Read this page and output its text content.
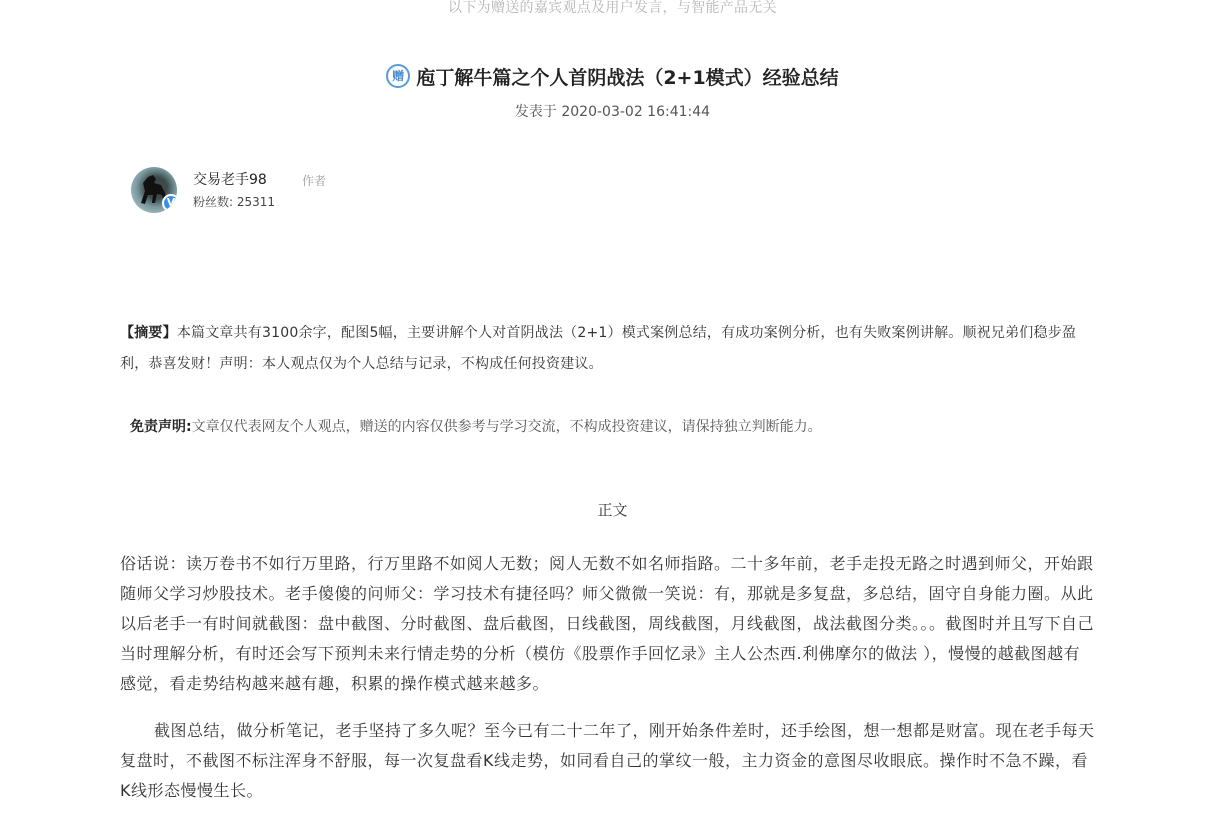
以下为赠送的嘉宾观点及用户发言，与智能产品无关
赠 庖丁解牛篇之个人首阴战法（2+1模式）经验总结
发表于 2020-03-02 16:41:44
V
交易老手98	作者
粉丝数: 25311
【摘要】本篇文章共有3100余字，配图5幅，主要讲解个人对首阴战法（2+1）模式案例总结，有成功案例分析，也有失败案例讲解。顺祝兄弟们稳步盈利，恭喜发财！声明：本人观点仅为个人总结与记录，不构成任何投资建议。
免责声明:文章仅代表网友个人观点，赠送的内容仅供参考与学习交流，不构成投资建议，请保持独立判断能力。
正文

俗话说：读万卷书不如行万里路，行万里路不如阅人无数；阅人无数不如名师指路。二十多年前，老手走投无路之时遇到师父，开始跟随师父学习炒股技术。老手傻傻的问师父：学习技术有捷径吗？师父微微一笑说：有，那就是多复盘，多总结，固守自身能力圈。从此以后老手一有时间就截图：盘中截图、分时截图、盘后截图，日线截图，周线截图，月线截图，战法截图分类。。。截图时并且写下自己当时理解分析，有时还会写下预判未来行情走势的分析（模仿《股票作手回忆录》主人公杰西.利佛摩尔的做法 ），慢慢的越截图越有感觉，看走势结构越来越有趣，积累的操作模式越来越多。

截图总结，做分析笔记，老手坚持了多久呢？至今已有二十二年了，刚开始条件差时，还手绘图，想一想都是财富。现在老手每天复盘时，不截图不标注浑身不舒服，每一次复盘看K线走势，如同看自己的掌纹一般，主力资金的意图尽收眼底。操作时不急不躁，看K线形态慢慢生长。
